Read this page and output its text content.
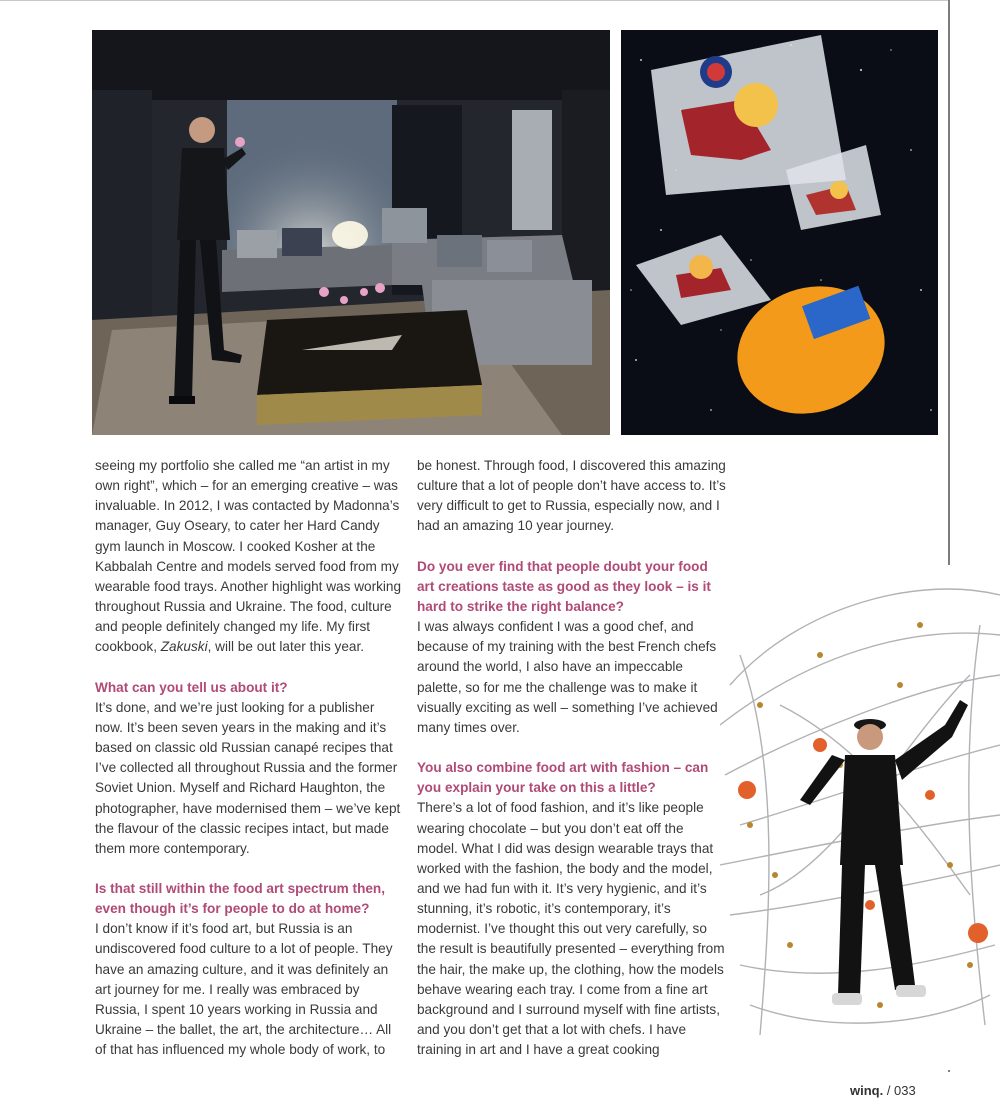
seeing my portfolio she called me “an artist in my own right”, which – for an emerging creative – was invaluable. In 2012, I was contacted by Madonna’s manager, Guy Oseary, to cater her Hard Candy gym launch in Moscow. I cooked Kosher at the Kabbalah Centre and models served food from my wearable food trays. Another highlight was working throughout Russia and Ukraine. The food, culture and people definitely changed my life. My first cookbook, Zakuski, will be out later this year.

What can you tell us about it?
It’s done, and we’re just looking for a publisher now. It’s been seven years in the making and it’s based on classic old Russian canapé recipes that I’ve collected all throughout Russia and the former Soviet Union. Myself and Richard Haughton, the photographer, have modernised them – we’ve kept the flavour of the classic recipes intact, but made them more contemporary.

Is that still within the food art spectrum then, even though it’s for people to do at home?
I don’t know if it’s food art, but Russia is an undiscovered food culture to a lot of people. They have an amazing culture, and it was definitely an art journey for me. I really was embraced by Russia, I spent 10 years working in Russia and Ukraine – the ballet, the art, the architecture… All of that has influenced my whole body of work, to

be honest. Through food, I discovered this amazing culture that a lot of people don’t have access to. It’s very difficult to get to Russia, especially now, and I had an amazing 10 year journey.

Do you ever find that people doubt your food art creations taste as good as they look – is it hard to strike the right balance?
I was always confident I was a good chef, and because of my training with the best French chefs around the world, I also have an impeccable palette, so for me the challenge was to make it visually exciting as well – something I’ve achieved many times over.

You also combine food art with fashion – can you explain your take on this a little?
There’s a lot of food fashion, and it’s like people wearing chocolate – but you don’t eat off the model. What I did was design wearable trays that worked with the fashion, the body and the model, and we had fun with it. It’s very hygienic, and it’s stunning, it’s robotic, it’s contemporary, it’s modernist. I’ve thought this out very carefully, so the result is beautifully presented – everything from the hair, the make up, the clothing, how the models behave wearing each tray. I come from a fine art background and I surround myself with fine artists, and you don’t get that a lot with chefs. I have training in art and I have a great cooking

winq. / 033
